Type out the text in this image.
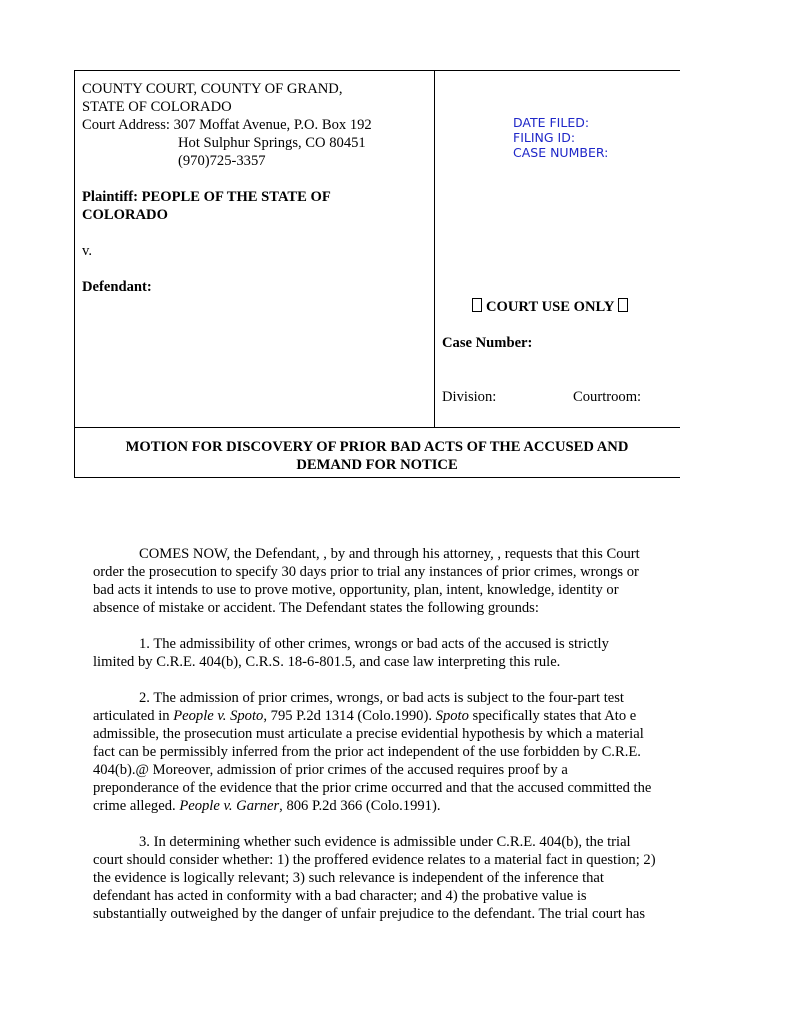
COUNTY COURT, COUNTY OF GRAND,
STATE OF COLORADO
Court Address: 307 Moffat Avenue, P.O. Box 192
Hot Sulphur Springs, CO 80451
(970)725-3357
Plaintiff: PEOPLE OF THE STATE OF
COLORADO
v.
Defendant:
DATE FILED:
FILING ID:
CASE NUMBER:
COURT USE ONLY
Case Number:
Division:	Courtroom:
MOTION FOR DISCOVERY OF PRIOR BAD ACTS OF THE ACCUSED AND
DEMAND FOR NOTICE

COMES NOW, the Defendant, , by and through his attorney, , requests that this Court
order the prosecution to specify 30 days prior to trial any instances of prior crimes, wrongs or
bad acts it intends to use to prove motive, opportunity, plan, intent, knowledge, identity or
absence of mistake or accident. The Defendant states the following grounds:

1. The admissibility of other crimes, wrongs or bad acts of the accused is strictly
limited by C.R.E. 404(b), C.R.S. 18-6-801.5, and case law interpreting this rule.

2. The admission of prior crimes, wrongs, or bad acts is subject to the four-part test
articulated in People v. Spoto, 795 P.2d 1314 (Colo.1990). Spoto specifically states that Ato e
admissible, the prosecution must articulate a precise evidential hypothesis by which a material
fact can be permissibly inferred from the prior act independent of the use forbidden by C.R.E.
404(b).@ Moreover, admission of prior crimes of the accused requires proof by a
preponderance of the evidence that the prior crime occurred and that the accused committed the
crime alleged. People v. Garner, 806 P.2d 366 (Colo.1991).

3. In determining whether such evidence is admissible under C.R.E. 404(b), the trial
court should consider whether: 1) the proffered evidence relates to a material fact in question; 2)
the evidence is logically relevant; 3) such relevance is independent of the inference that
defendant has acted in conformity with a bad character; and 4) the probative value is
substantially outweighed by the danger of unfair prejudice to the defendant. The trial court has
